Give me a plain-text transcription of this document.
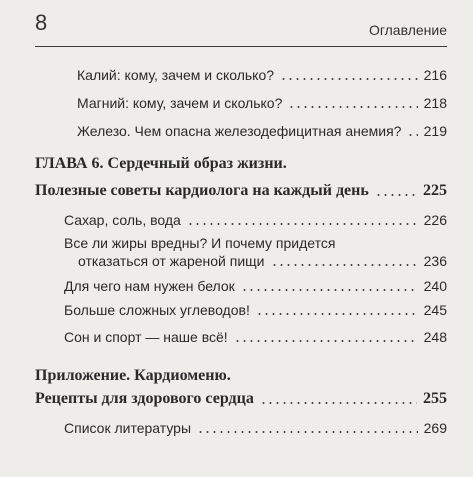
8	Оглавление
Калий: кому, зачем и сколько?	216
Магний: кому, зачем и сколько?	218
Железо. Чем опасна железодефицитная анемия? 219
ГЛАВА 6. Сердечный образ жизни.
Полезные советы кардиолога на каждый день	225
Сахар, соль, вода	226
Все ли жиры вредны? И почему придется
отказаться от жареной пищи	236
Для чего нам нужен белок	240
Больше сложных углеводов!	245
Сон и спорт — наше всё!	248
Приложение. Кардиоменю.
Рецепты для здорового сердца	255
Список литературы	269
